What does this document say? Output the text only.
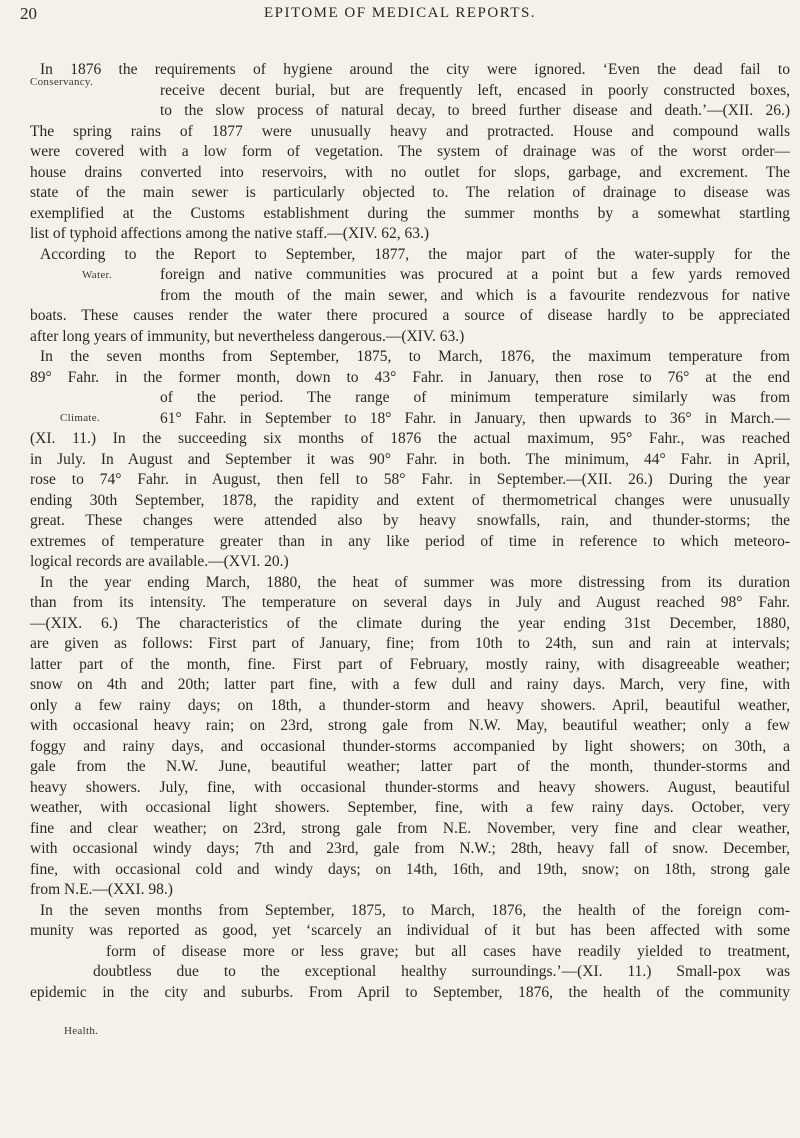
20	EPITOME OF MEDICAL REPORTS.
Conservancy.
Water.
Climate.
Health.
In 1876 the requirements of hygiene around the city were ignored. ‘Even the dead fail to
receive decent burial, but are frequently left, encased in poorly constructed boxes,
to the slow process of natural decay, to breed further disease and death.’—(XII. 26.)
The spring rains of 1877 were unusually heavy and protracted. House and compound walls
were covered with a low form of vegetation. The system of drainage was of the worst order—
house drains converted into reservoirs, with no outlet for slops, garbage, and excrement. The
state of the main sewer is particularly objected to. The relation of drainage to disease was
exemplified at the Customs establishment during the summer months by a somewhat startling
list of typhoid affections among the native staff.—(XIV. 62, 63.)
According to the Report to September, 1877, the major part of the water-supply for the
foreign and native communities was procured at a point but a few yards removed
from the mouth of the main sewer, and which is a favourite rendezvous for native
boats. These causes render the water there procured a source of disease hardly to be appreciated
after long years of immunity, but nevertheless dangerous.—(XIV. 63.)
In the seven months from September, 1875, to March, 1876, the maximum temperature from
89° Fahr. in the former month, down to 43° Fahr. in January, then rose to 76° at the end
of the period. The range of minimum temperature similarly was from
61° Fahr. in September to 18° Fahr. in January, then upwards to 36° in March.—
(XI. 11.) In the succeeding six months of 1876 the actual maximum, 95° Fahr., was reached
in July. In August and September it was 90° Fahr. in both. The minimum, 44° Fahr. in April,
rose to 74° Fahr. in August, then fell to 58° Fahr. in September.—(XII. 26.) During the year
ending 30th September, 1878, the rapidity and extent of thermometrical changes were unusually
great. These changes were attended also by heavy snowfalls, rain, and thunder-storms; the
extremes of temperature greater than in any like period of time in reference to which meteoro-
logical records are available.—(XVI. 20.)
In the year ending March, 1880, the heat of summer was more distressing from its duration
than from its intensity. The temperature on several days in July and August reached 98° Fahr.
—(XIX. 6.) The characteristics of the climate during the year ending 31st December, 1880,
are given as follows: First part of January, fine; from 10th to 24th, sun and rain at intervals;
latter part of the month, fine. First part of February, mostly rainy, with disagreeable weather;
snow on 4th and 20th; latter part fine, with a few dull and rainy days. March, very fine, with
only a few rainy days; on 18th, a thunder-storm and heavy showers. April, beautiful weather,
with occasional heavy rain; on 23rd, strong gale from N.W. May, beautiful weather; only a few
foggy and rainy days, and occasional thunder-storms accompanied by light showers; on 30th, a
gale from the N.W. June, beautiful weather; latter part of the month, thunder-storms and
heavy showers. July, fine, with occasional thunder-storms and heavy showers. August, beautiful
weather, with occasional light showers. September, fine, with a few rainy days. October, very
fine and clear weather; on 23rd, strong gale from N.E. November, very fine and clear weather,
with occasional windy days; 7th and 23rd, gale from N.W.; 28th, heavy fall of snow. December,
fine, with occasional cold and windy days; on 14th, 16th, and 19th, snow; on 18th, strong gale
from N.E.—(XXI. 98.)
In the seven months from September, 1875, to March, 1876, the health of the foreign com-
munity was reported as good, yet ‘scarcely an individual of it but has been affected with some
form of disease more or less grave; but all cases have readily yielded to treatment,
doubtless due to the exceptional healthy surroundings.’—(XI. 11.) Small-pox was
epidemic in the city and suburbs. From April to September, 1876, the health of the community
